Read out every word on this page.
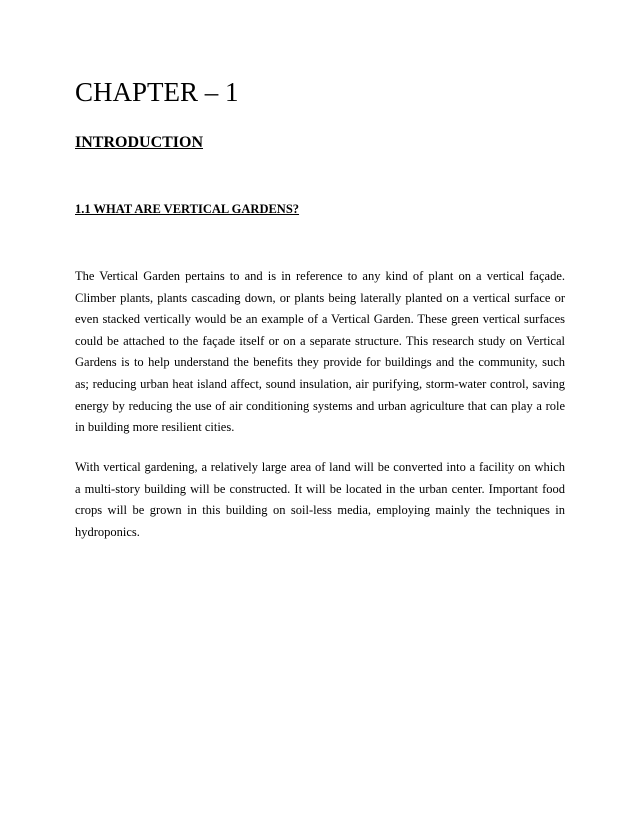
CHAPTER – 1
INTRODUCTION
1.1 WHAT ARE VERTICAL GARDENS?

The Vertical Garden pertains to and is in reference to any kind of plant on a vertical façade.
Climber plants, plants cascading down, or plants being laterally planted on a vertical surface or
even stacked vertically would be an example of a Vertical Garden. These green vertical surfaces
could be attached to the façade itself or on a separate structure. This research study on Vertical
Gardens is to help understand the benefits they provide for buildings and the community, such
as; reducing urban heat island affect, sound insulation, air purifying, storm-water control, saving
energy by reducing the use of air conditioning systems and urban agriculture that can play a role
in building more resilient cities.

With vertical gardening, a relatively large area of land will be converted into a facility on which
a multi-story building will be constructed. It will be located in the urban center. Important food
crops will be grown in this building on soil-less media, employing mainly the techniques in
hydroponics.
